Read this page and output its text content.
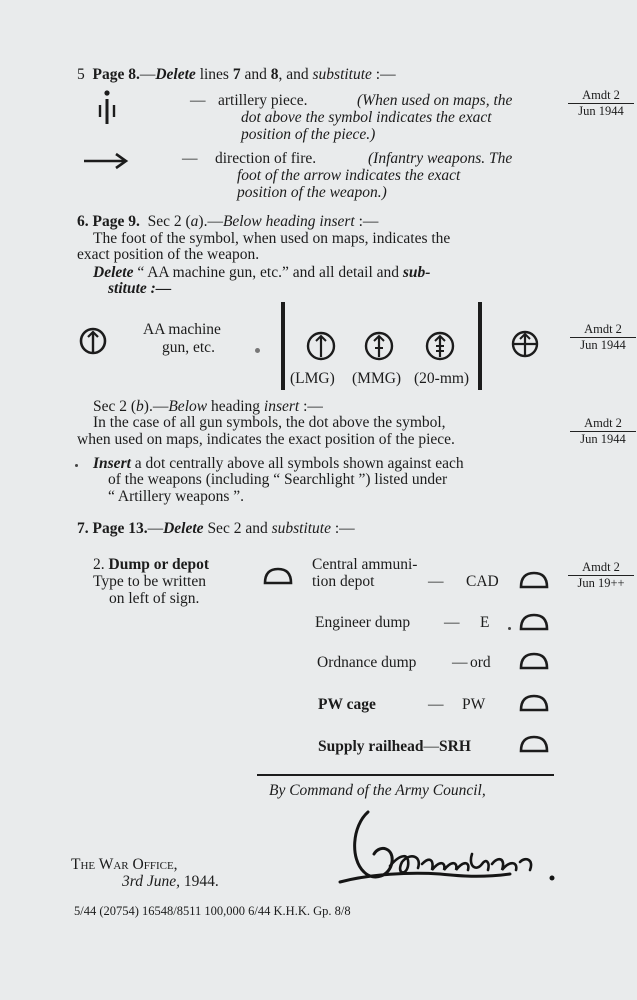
5 Page 8.—Delete lines 7 and 8, and substitute :—
— artillery piece.	(When used on maps, the
dot above the symbol indicates the exact
position of the piece.)
— direction of fire.	(Infantry weapons. The
foot of the arrow indicates the exact
position of the weapon.)
Amdt 2
Jun 1944
6. Page 9. Sec 2 (a).—Below heading insert :—
The foot of the symbol, when used on maps, indicates the
exact position of the weapon.
Delete “ AA machine gun, etc.” and all detail and sub-
stitute :—
AA machine
gun, etc.
(LMG) (MMG) (20-mm)
Amdt 2
Jun 1944
Sec 2 (b).—Below heading insert :—
In the case of all gun symbols, the dot above the symbol,
when used on maps, indicates the exact position of the piece.
Amdt 2
Jun 1944
Insert a dot centrally above all symbols shown against each
of the weapons (including “ Searchlight ”) listed under
“ Artillery weapons ”.
7. Page 13.—Delete Sec 2 and substitute :—
2. Dump or depot
Type to be written
on left of sign.
Central ammuni-
tion depot	— CAD
Engineer dump — E
Ordnance dump — ord
PW cage	— PW
Supply railhead—SRH
Amdt 2
Jun 19++
By Command of the Army Council,
The War Office,
3rd June, 1944.
5/44 (20754) 16548/8511 100,000 6/44 K.H.K. Gp. 8/8
